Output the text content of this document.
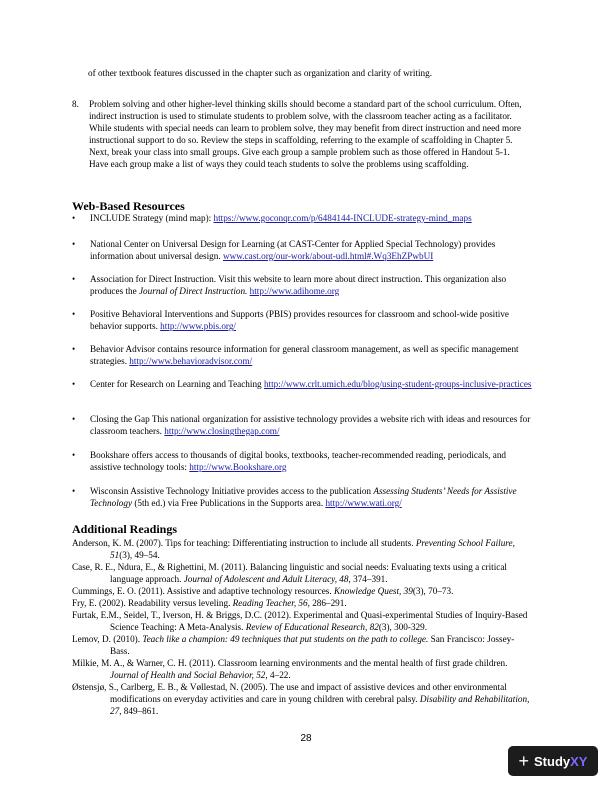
of other textbook features discussed in the chapter such as organization and clarity of writing.
8. Problem solving and other higher-level thinking skills should become a standard part of the school curriculum. Often, indirect instruction is used to stimulate students to problem solve, with the classroom teacher acting as a facilitator. While students with special needs can learn to problem solve, they may benefit from direct instruction and need more instructional support to do so. Review the steps in scaffolding, referring to the example of scaffolding in Chapter 5. Next, break your class into small groups. Give each group a sample problem such as those offered in Handout 5-1. Have each group make a list of ways they could teach students to solve the problems using scaffolding.
Web-Based Resources
• INCLUDE Strategy (mind map): https://www.goconqr.com/p/6484144-INCLUDE-strategy-mind_maps
• National Center on Universal Design for Learning (at CAST-Center for Applied Special Technology) provides information about universal design. www.cast.org/our-work/about-udl.html#.Wq3EhZPwbUI
• Association for Direct Instruction. Visit this website to learn more about direct instruction. This organization also produces the Journal of Direct Instruction. http://www.adihome.org
• Positive Behavioral Interventions and Supports (PBIS) provides resources for classroom and school-wide positive behavior supports. http://www.pbis.org/
• Behavior Advisor contains resource information for general classroom management, as well as specific management strategies. http://www.behavioradvisor.com/
• Center for Research on Learning and Teaching http://www.crlt.umich.edu/blog/using-student-groups-inclusive-practices
• Closing the Gap This national organization for assistive technology provides a website rich with ideas and resources for classroom teachers. http://www.closingthegap.com/
• Bookshare offers access to thousands of digital books, textbooks, teacher-recommended reading, periodicals, and assistive technology tools: http://www.Bookshare.org
• Wisconsin Assistive Technology Initiative provides access to the publication Assessing Students’ Needs for Assistive Technology (5th ed.) via Free Publications in the Supports area. http://www.wati.org/
Additional Readings

Anderson, K. M. (2007). Tips for teaching: Differentiating instruction to include all students. Preventing School Failure, 51(3), 49–54.

Case, R. E., Ndura, E., & Righettini, M. (2011). Balancing linguistic and social needs: Evaluating texts using a critical language approach. Journal of Adolescent and Adult Literacy, 48, 374–391.

Cummings, E. O. (2011). Assistive and adaptive technology resources. Knowledge Quest, 39(3), 70–73.

Fry, E. (2002). Readability versus leveling. Reading Teacher, 56, 286–291.

Furtak, E.M., Seidel, T., Iverson, H. & Briggs, D.C. (2012). Experimental and Quasi-experimental Studies of Inquiry-Based Science Teaching: A Meta-Analysis. Review of Educational Research, 82(3), 300-329.

Lemov, D. (2010). Teach like a champion: 49 techniques that put students on the path to college. San Francisco: Jossey-Bass.

Milkie, M. A., & Warner, C. H. (2011). Classroom learning environments and the mental health of first grade children. Journal of Health and Social Behavior, 52, 4–22.

Østensjø, S., Carlberg, E. B., & Vøllestad, N. (2005). The use and impact of assistive devices and other environmental modifications on everyday activities and care in young children with cerebral palsy. Disability and Rehabilitation, 27, 849–861.

28
+ Study XY
